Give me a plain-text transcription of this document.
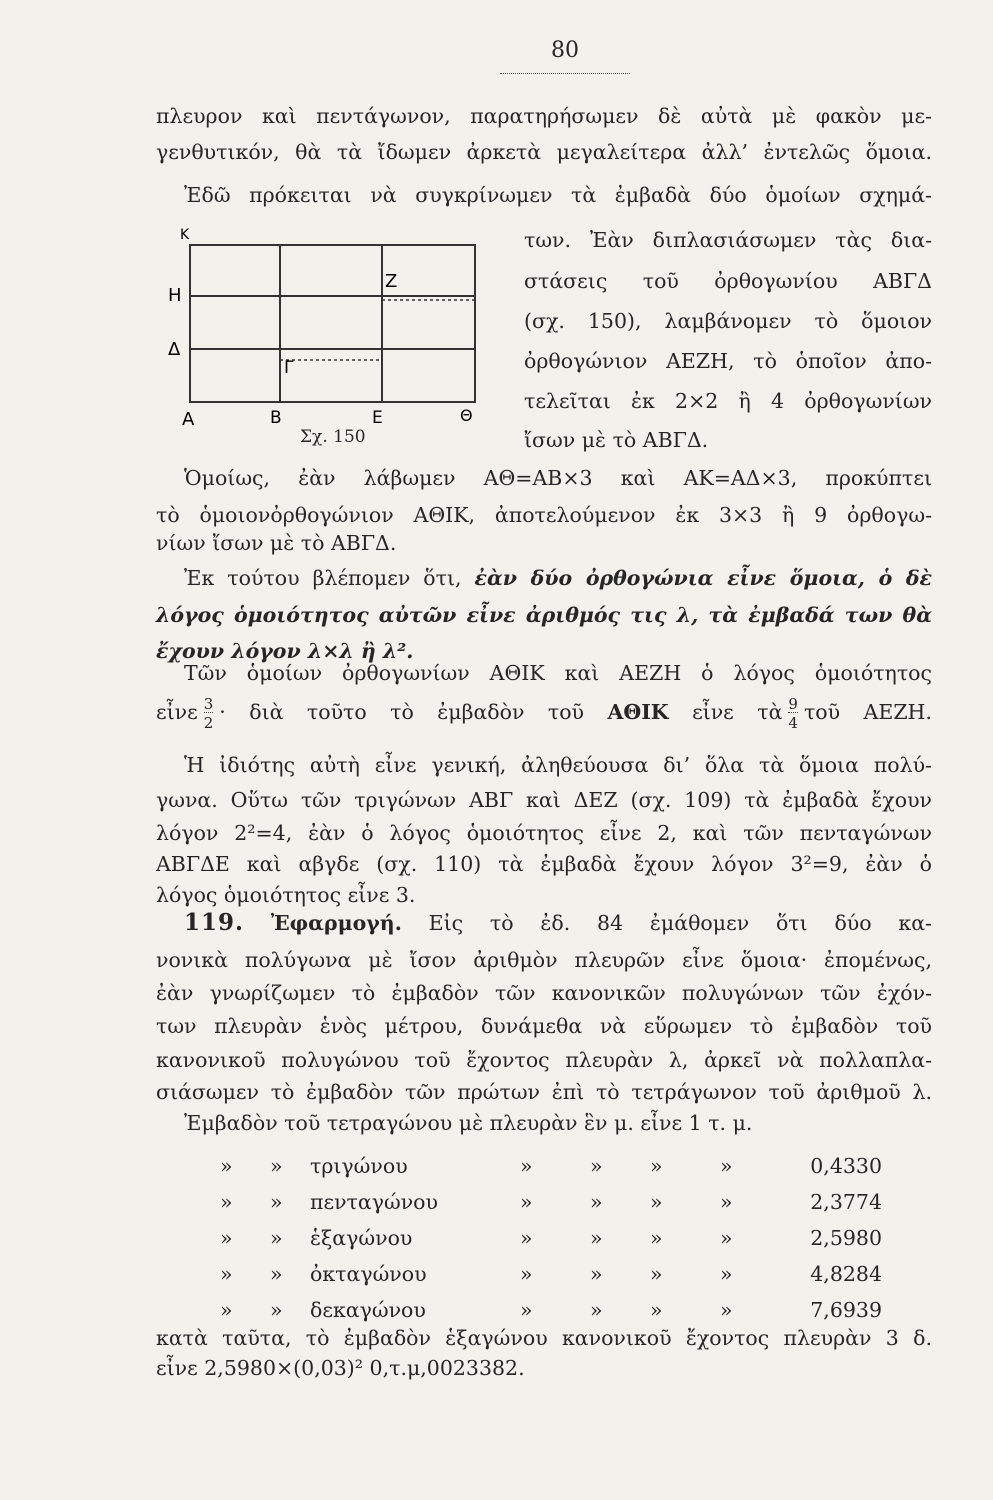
80
πλευρον καὶ πεντάγωνον, παρατηρήσωμεν δὲ αὐτὰ μὲ φακὸν με-
γενθυτικόν, θὰ τὰ ἴδωμεν ἀρκετὰ μεγαλείτερα ἀλλ’ ἐντελῶς ὅμοια.
Ἐδῶ πρόκειται νὰ συγκρίνωμεν τὰ ἐμβαδὰ δύο ὁμοίων σχημά-
των. Ἐὰν διπλασιάσωμεν τὰς δια-
στάσεις τοῦ ὀρθογωνίου ΑΒΓΔ
(σχ. 150), λαμβάνομεν τὸ ὅμοιον
ὀρθογώνιον ΑΕΖΗ, τὸ ὁποῖον ἀπο-
τελεῖται ἐκ 2×2 ἢ 4 ὀρθογωνίων
ἴσων μὲ τὸ ΑΒΓΔ.
Κ
Η
Δ
Α	Β	Ε	Θ
Ζ
Γ
Σχ. 150
Ὁμοίως, ἐὰν λάβωμεν ΑΘ=ΑΒ×3 καὶ ΑΚ=ΑΔ×3, προκύπτει
τὸ ὁμοιονὀρθογώνιον ΑΘΙΚ, ἀποτελούμενον ἐκ 3×3 ἢ 9 ὀρθογω-
νίων ἴσων μὲ τὸ ΑΒΓΔ.
Ἐκ τούτου βλέπομεν ὅτι, ἐὰν δύο ὀρθογώνια εἶνε ὅμοια, ὁ δὲ
λόγος ὁμοιότητος αὐτῶν εἶνε ἀριθμός τις λ, τὰ ἐμβαδά των θὰ
ἔχουν λόγον λ×λ ἢ λ².
Τῶν ὁμοίων ὀρθογωνίων ΑΘΙΚ καὶ ΑΕΖΗ ὁ λόγος ὁμοιότητος
εἶνε $\frac{3}{2}$ · διὰ τοῦτο τὸ ἐμβαδὸν τοῦ ΑΘΙΚ εἶνε τὰ $\frac{9}{4}$ τοῦ ΑΕΖΗ.
Ἡ ἰδιότης αὐτὴ εἶνε γενική, ἀληθεύουσα δι’ ὅλα τὰ ὅμοια πολύ-
γωνα. Οὕτω τῶν τριγώνων ΑΒΓ καὶ ΔΕΖ (σχ. 109) τὰ ἐμβαδὰ ἔχουν
λόγον 2²=4, ἐὰν ὁ λόγος ὁμοιότητος εἶνε 2, καὶ τῶν πενταγώνων
ΑΒΓΔΕ καὶ αβγδε (σχ. 110) τὰ ἐμβαδὰ ἔχουν λόγον 3²=9, ἐὰν ὁ
λόγος ὁμοιότητος εἶνε 3.
119. Ἐφαρμογή. Εἰς τὸ ἐδ. 84 ἐμάθομεν ὅτι δύο κα-
νονικὰ πολύγωνα μὲ ἴσον ἀριθμὸν πλευρῶν εἶνε ὅμοια· ἐπομένως,
ἐὰν γνωρίζωμεν τὸ ἐμβαδὸν τῶν κανονικῶν πολυγώνων τῶν ἐχόν-
των πλευρὰν ἑνὸς μέτρου, δυνάμεθα νὰ εὕρωμεν τὸ ἐμβαδὸν τοῦ
κανονικοῦ πολυγώνου τοῦ ἔχοντος πλευρὰν λ, ἀρκεῖ νὰ πολλαπλα-
σιάσωμεν τὸ ἐμβαδὸν τῶν πρώτων ἐπὶ τὸ τετράγωνον τοῦ ἀριθμοῦ λ.
Ἐμβαδὸν τοῦ τετραγώνου μὲ πλευρὰν ἓν μ. εἶνε 1 τ. μ.
» » τριγώνου	»	» »	»	0,4330
» » πενταγώνου	»	» »	»	2,3774
» » ἑξαγώνου	»	» »	»	2,5980
» » ὀκταγώνου	»	» »	»	4,8284
» » δεκαγώνου	»	» »	»	7,6939
κατὰ ταῦτα, τὸ ἐμβαδὸν ἑξαγώνου κανονικοῦ ἔχοντος πλευρὰν 3 δ.
εἶνε 2,5980×(0,03)² 0,τ.μ,0023382.
